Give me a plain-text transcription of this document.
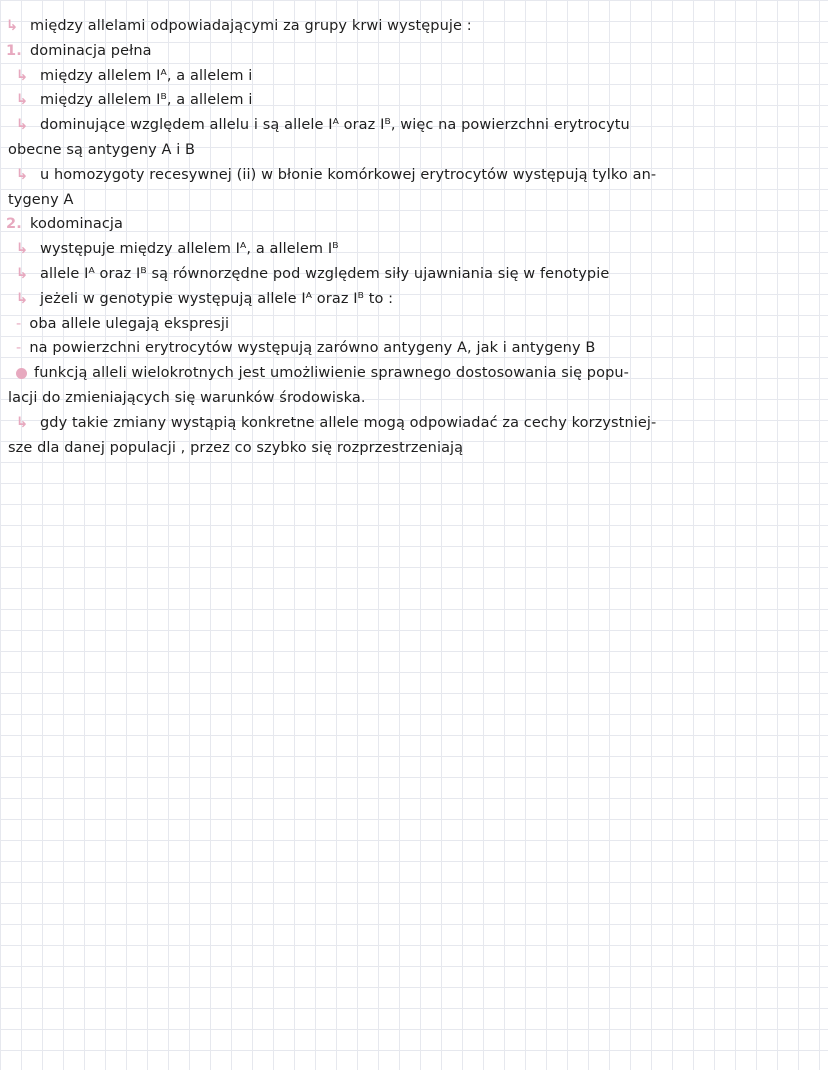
↳ między allelami odpowiadającymi za grupy krwi występuje :
1. dominacja pełna
↳ między allelem Iᴬ, a allelem i
↳ między allelem Iᴮ, a allelem i
↳ dominujące względem allelu i są allele Iᴬ oraz Iᴮ, więc na powierzchni erytrocytu
obecne są antygeny A i B
↳ u homozygoty recesywnej (ii) w błonie komórkowej erytrocytów występują tylko an-
tygeny A
2. kodominacja
↳ występuje między allelem Iᴬ, a allelem Iᴮ
↳ allele Iᴬ oraz Iᴮ są równorzędne pod względem siły ujawniania się w fenotypie
↳ jeżeli w genotypie występują allele Iᴬ oraz Iᴮ to :
- oba allele ulegają ekspresji
- na powierzchni erytrocytów występują zarówno antygeny A, jak i antygeny B
funkcją alleli wielokrotnych jest umożliwienie sprawnego dostosowania się popu-
lacji do zmieniających się warunków środowiska.
↳ gdy takie zmiany wystąpią konkretne allele mogą odpowiadać za cechy korzystniej-
sze dla danej populacji , przez co szybko się rozprzestrzeniają
